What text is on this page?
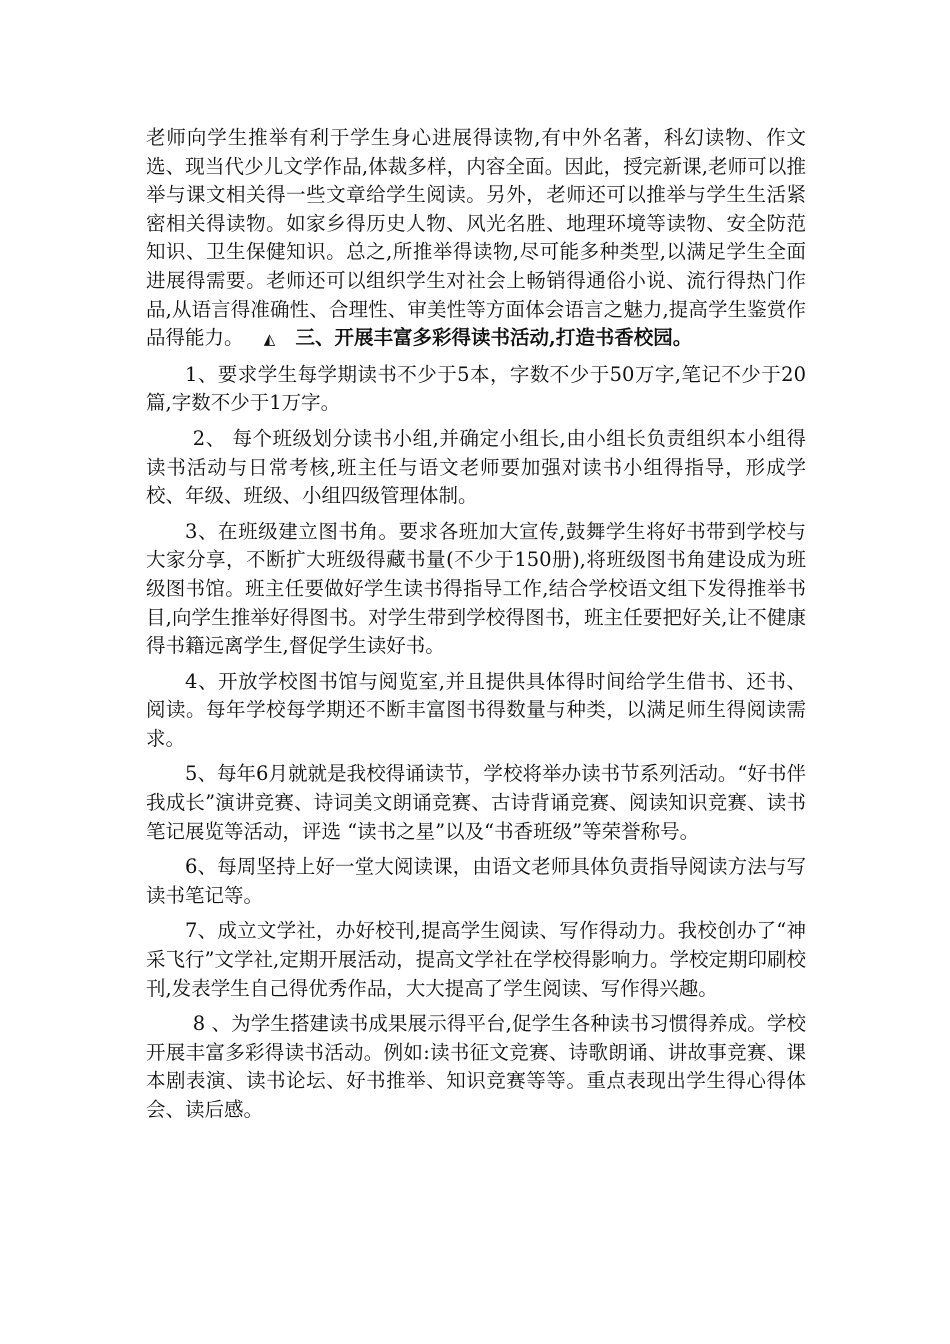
老师向学生推举有利于学生身心进展得读物,有中外名著，科幻读物、作文选、现当代少儿文学作品,体裁多样，内容全面。因此，授完新课,老师可以推举与课文相关得一些文章给学生阅读。另外，老师还可以推举与学生生活紧密相关得读物。如家乡得历史人物、风光名胜、地理环境等读物、安全防范知识、卫生保健知识。总之,所推举得读物,尽可能多种类型,以满足学生全面进展得需要。老师还可以组织学生对社会上畅销得通俗小说、流行得热门作品,从语言得准确性、合理性、审美性等方面体会语言之魅力,提高学生鉴赏作品得能力。 ◭ 三、开展丰富多彩得读书活动,打造书香校园。

1、要求学生每学期读书不少于5本，字数不少于50万字,笔记不少于20篇,字数不少于1万字。

2、 每个班级划分读书小组,并确定小组长,由小组长负责组织本小组得读书活动与日常考核,班主任与语文老师要加强对读书小组得指导，形成学校、年级、班级、小组四级管理体制。

3、在班级建立图书角。要求各班加大宣传,鼓舞学生将好书带到学校与大家分享，不断扩大班级得藏书量(不少于150册),将班级图书角建设成为班级图书馆。班主任要做好学生读书得指导工作,结合学校语文组下发得推举书目,向学生推举好得图书。对学生带到学校得图书，班主任要把好关,让不健康得书籍远离学生,督促学生读好书。

4、开放学校图书馆与阅览室,并且提供具体得时间给学生借书、还书、阅读。每年学校每学期还不断丰富图书得数量与种类，以满足师生得阅读需求。

5、每年6月就就是我校得诵读节，学校将举办读书节系列活动。“好书伴我成长”演讲竞赛、诗词美文朗诵竞赛、古诗背诵竞赛、阅读知识竞赛、读书笔记展览等活动，评选 “读书之星”以及“书香班级”等荣誉称号。

6、每周坚持上好一堂大阅读课，由语文老师具体负责指导阅读方法与写读书笔记等。

7、成立文学社，办好校刊,提高学生阅读、写作得动力。我校创办了“神采飞行”文学社,定期开展活动，提高文学社在学校得影响力。学校定期印刷校刊,发表学生自己得优秀作品，大大提高了学生阅读、写作得兴趣。

8 、为学生搭建读书成果展示得平台,促学生各种读书习惯得养成。学校开展丰富多彩得读书活动。例如:读书征文竞赛、诗歌朗诵、讲故事竞赛、课本剧表演、读书论坛、好书推举、知识竞赛等等。重点表现出学生得心得体会、读后感。
